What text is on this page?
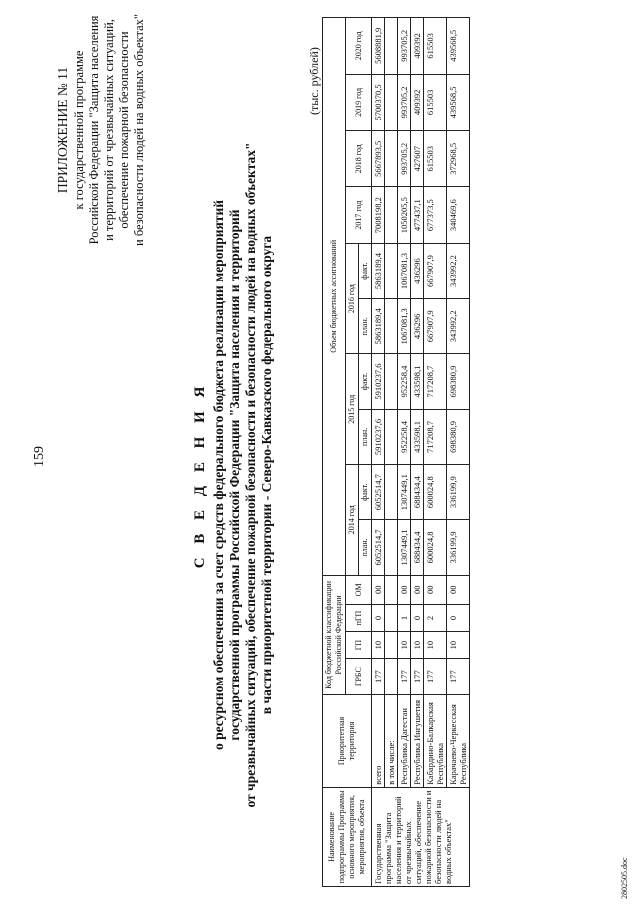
159
ПРИЛОЖЕНИЕ № 11 к государственной программе Российской Федерации "Защита населения и территорий от чрезвычайных ситуаций, обеспечение пожарной безопасности и безопасности людей на водных объектах"
С В Е Д Е Н И Я о ресурсном обеспечении за счет средств федерального бюджета реализации мероприятий государственной программы Российской Федерации "Защита населения и территорий от чрезвычайных ситуаций, обеспечение пожарной безопасности и безопасности людей на водных объектах" в части приоритетной территории - Северо-Кавказского федерального округа
(тыс. рублей)
Наименование подпрограммы Программы основного мероприятия, мероприятия, объекта	Приоритетная территория	Код бюджетной классификации Российской Федерации				Объем бюджетных ассигнований									
		ГРБС	ГП	пГП	ОМ	2014 год		2015 год		2016 год		2017 год	2018 год	2019 год	2020 год
						план.	факт.	план.	факт.	план.	факт.				
Государственная программа "Защита населения и территорий от чрезвычайных ситуаций, обеспечение пожарной безопасности и безопасности людей на водных объектах"	всего	177	10	0	00	6052514,7	6052514,7	5910237,6	5910237,6	5863189,4	5863189,4	7008198,2	5667893,5	5700370,5	5608881,9
	в том числе:														
	Республика Дагестан	177	10	1	00	1307449,1	1307449,1	952258,4	952258,4	1067081,3	1067081,3	1050205,5	993705,2	993705,2	993705,2
	Республика Ингушетия	177	10	0	00	688434,4	688434,4	433598,1	433598,1	436296	436296	477437,1	427607	409392	409392
	Кабардино-Балкарская Республика	177	10	2	00	600024,8	600024,8	717208,7	717208,7	667907,9	667907,9	677373,5	615503	615503	615503
	Карачаево-Черкесская Республика	177	10	0	00	336199,9	336199,9	698380,9	698380,9	343992,2	343992,2	340469,6	372968,5	439568,5	439568,5
2802505.doc
